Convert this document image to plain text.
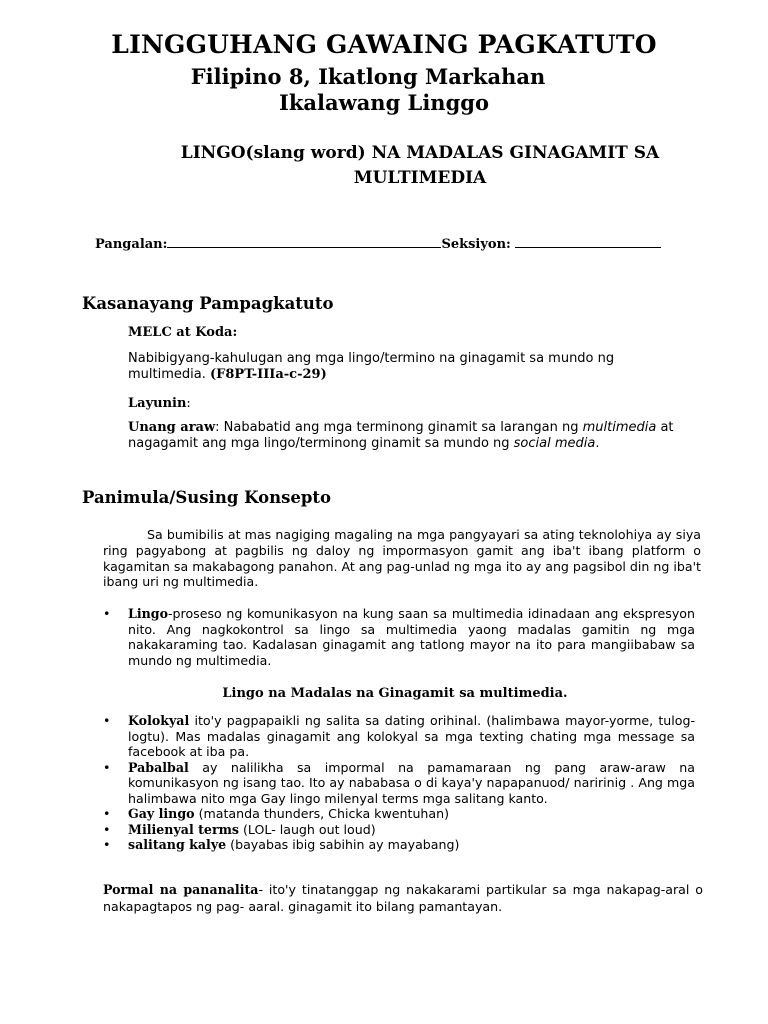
LINGGUHANG GAWAING PAGKATUTO
Filipino 8, Ikatlong Markahan
Ikalawang Linggo
LINGO(slang word) NA MADALAS GINAGAMIT SA MULTIMEDIA
Pangalan:	Seksiyon:
Kasanayang Pampagkatuto
MELC at Koda:
Nabibigyang-kahulugan ang mga lingo/termino na ginagamit sa mundo ng multimedia. (F8PT-IIIa-c-29)
Layunin:
Unang araw: Nababatid ang mga terminong ginamit sa larangan ng multimedia at nagagamit ang mga lingo/terminong ginamit sa mundo ng social media.
Panimula/Susing Konsepto
Sa bumibilis at mas nagiging magaling na mga pangyayari sa ating teknolohiya ay siya ring pagyabong at pagbilis ng daloy ng impormasyon gamit ang iba't ibang platform o kagamitan sa makabagong panahon. At ang pag-unlad ng mga ito ay ang pagsibol din ng iba't ibang uri ng multimedia.
• Lingo-proseso ng komunikasyon na kung saan sa multimedia idinadaan ang ekspresyon nito. Ang nagkokontrol sa lingo sa multimedia yaong madalas gamitin ng mga nakakaraming tao. Kadalasan ginagamit ang tatlong mayor na ito para mangiibabaw sa mundo ng multimedia.
Lingo na Madalas na Ginagamit sa multimedia.
• Kolokyal ito'y pagpapaikli ng salita sa dating orihinal. (halimbawa mayor-yorme, tulog-logtu). Mas madalas ginagamit ang kolokyal sa mga texting chating mga message sa facebook at iba pa.
• Pabalbal ay nalilikha sa impormal na pamamaraan ng pang araw-araw na komunikasyon ng isang tao. Ito ay nababasa o di kaya'y napapanuod/ naririnig . Ang mga halimbawa nito mga Gay lingo milenyal terms mga salitang kanto.
• Gay lingo (matanda thunders, Chicka kwentuhan)
• Milienyal terms (LOL- laugh out loud)
• salitang kalye (bayabas ibig sabihin ay mayabang)
Pormal na pananalita- ito'y tinatanggap ng nakakarami partikular sa mga nakapag-aral o nakapagtapos ng pag- aaral. ginagamit ito bilang pamantayan.
